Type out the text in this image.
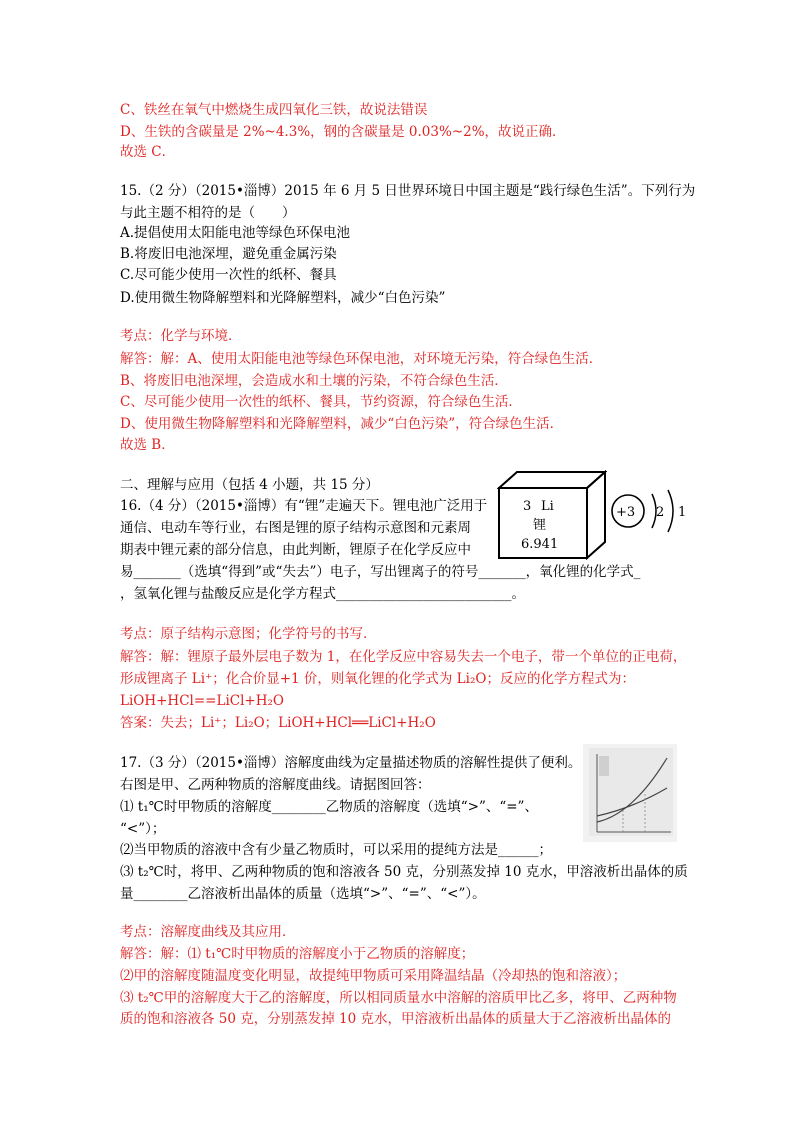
C、铁丝在氧气中燃烧生成四氧化三铁，故说法错误
D、生铁的含碳量是 2%~4.3%，钢的含碳量是 0.03%~2%，故说正确．
故选 C．
15.（2 分）（2015•淄博）2015 年 6 月 5 日世界环境日中国主题是“践行绿色生活”。下列行为
与此主题不相符的是（　　）
A.提倡使用太阳能电池等绿色环保电池
B.将废旧电池深埋，避免重金属污染
C.尽可能少使用一次性的纸杯、餐具
D.使用微生物降解塑料和光降解塑料，减少“白色污染”
考点：化学与环境．
解答：解：A、使用太阳能电池等绿色环保电池，对环境无污染，符合绿色生活．
B、将废旧电池深埋，会造成水和土壤的污染，不符合绿色生活．
C、尽可能少使用一次性的纸杯、餐具，节约资源，符合绿色生活．
D、使用微生物降解塑料和光降解塑料，减少“白色污染”，符合绿色生活．
故选 B．
二、理解与应用（包括 4 小题，共 15 分）
16.（4 分）（2015•淄博）有“锂”走遍天下。锂电池广泛用于
通信、电动车等行业，右图是锂的原子结构示意图和元素周
期表中锂元素的部分信息，由此判断，锂原子在化学反应中
易_______（选填“得到”或“失去”）电子，写出锂离子的符号_______，氧化锂的化学式_
，氢氧化锂与盐酸反应是化学方程式__________________________。
考点：原子结构示意图；化学符号的书写．
解答：解：锂原子最外层电子数为 1，在化学反应中容易失去一个电子，带一个单位的正电荷，
形成锂离子 Li⁺；化合价显+1 价，则氧化锂的化学式为 Li₂O；反应的化学方程式为：
LiOH+HCl==LiCl+H₂O
答案：失去；Li⁺；Li₂O；LiOH+HCl══LiCl+H₂O
17.（3 分）（2015•淄博）溶解度曲线为定量描述物质的溶解性提供了便利。
右图是甲、乙两种物质的溶解度曲线。请据图回答：
⑴ t₁℃时甲物质的溶解度________乙物质的溶解度（选填“>”、“=”、
“<”）；
⑵当甲物质的溶液中含有少量乙物质时，可以采用的提纯方法是______；
⑶ t₂℃时，将甲、乙两种物质的饱和溶液各 50 克，分别蒸发掉 10 克水，甲溶液析出晶体的质
量________乙溶液析出晶体的质量（选填“>”、“=”、“<”）。
考点：溶解度曲线及其应用．
解答：解：⑴ t₁℃时甲物质的溶解度小于乙物质的溶解度；
⑵甲的溶解度随温度变化明显，故提纯甲物质可采用降温结晶（冷却热的饱和溶液）；
⑶ t₂℃甲的溶解度大于乙的溶解度，所以相同质量水中溶解的溶质甲比乙多，将甲、乙两种物
质的饱和溶液各 50 克，分别蒸发掉 10 克水，甲溶液析出晶体的质量大于乙溶液析出晶体的
3 Li
锂
6.941
+3 2 1
